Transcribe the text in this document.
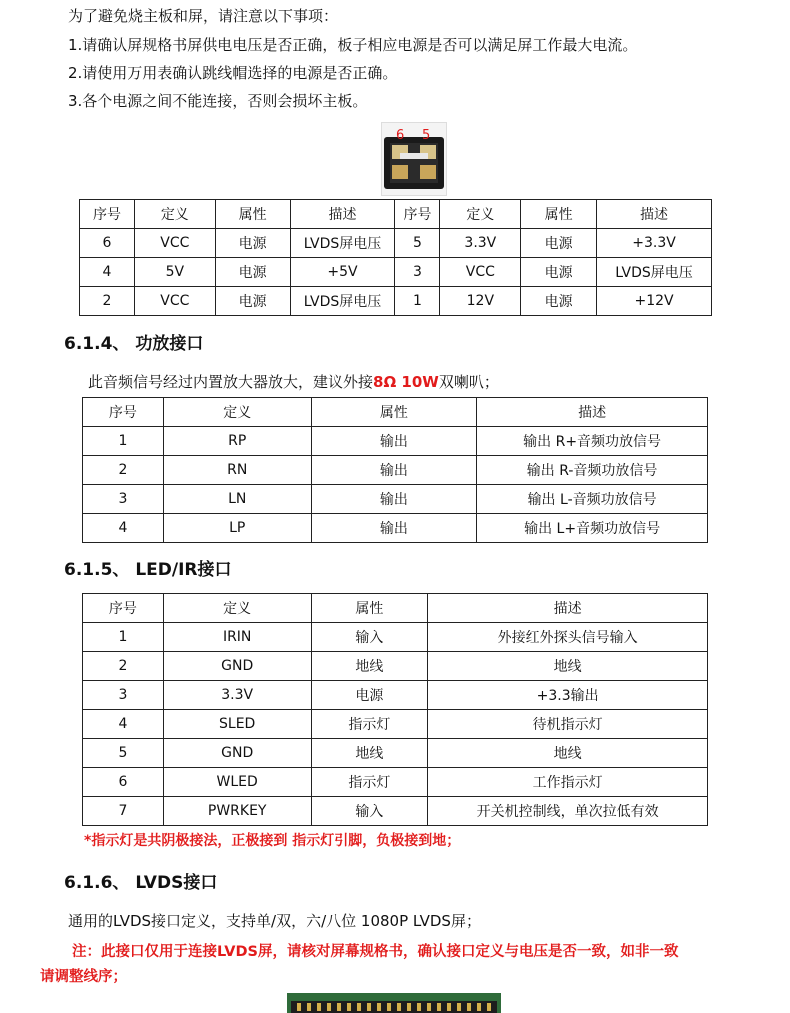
为了避免烧主板和屏，请注意以下事项：
1.请确认屏规格书屏供电电压是否正确，板子相应电源是否可以满足屏工作最大电流。
2.请使用万用表确认跳线帽选择的电源是否正确。
3.各个电源之间不能连接，否则会损坏主板。
6 5
序号	定义	属性	描述	序号	定义	属性	描述
6	VCC	电源	LVDS屏电压	5	3.3V	电源	+3.3V
4	5V	电源	+5V	3	VCC	电源	LVDS屏电压
2	VCC	电源	LVDS屏电压	1	12V	电源	+12V
6.1.4、 功放接口
此音频信号经过内置放大器放大，建议外接8Ω 10W双喇叭；
序号	定义	属性	描述
1	RP	输出	输出 R+音频功放信号
2	RN	输出	输出 R-音频功放信号
3	LN	输出	输出 L-音频功放信号
4	LP	输出	输出 L+音频功放信号
6.1.5、 LED/IR接口
序号	定义	属性	描述
1	IRIN	输入	外接红外探头信号输入
2	GND	地线	地线
3	3.3V	电源	+3.3输出
4	SLED	指示灯	待机指示灯
5	GND	地线	地线
6	WLED	指示灯	工作指示灯
7	PWRKEY	输入	开关机控制线，单次拉低有效
*指示灯是共阴极接法，正极接到 指示灯引脚，负极接到地；
6.1.6、 LVDS接口
通用的LVDS接口定义，支持单/双，六/八位 1080P LVDS屏；
注：此接口仅用于连接LVDS屏，请核对屏幕规格书，确认接口定义与电压是否一致，如非一致
请调整线序；
